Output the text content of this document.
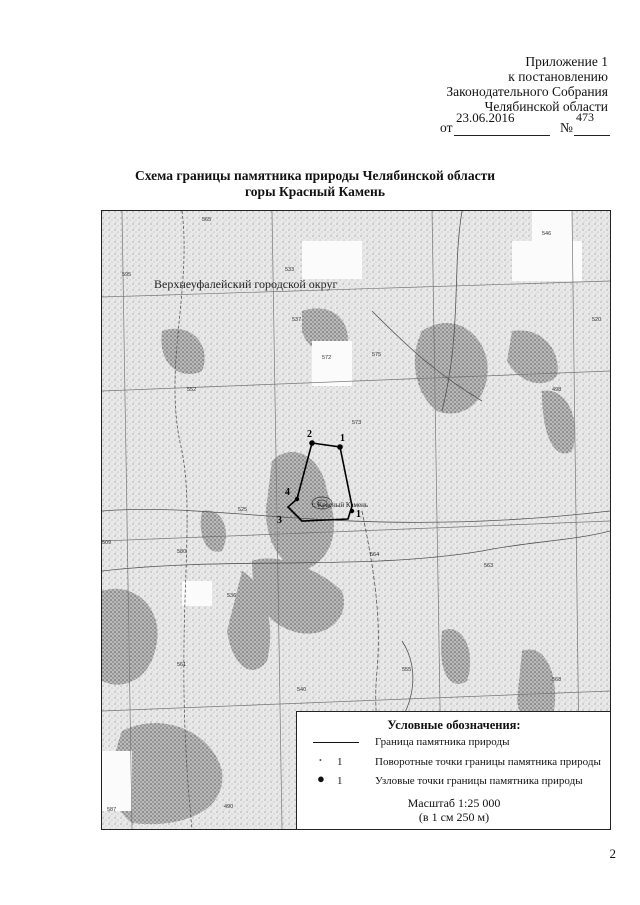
Приложение 1
к постановлению
Законодательного Собрания
Челябинской области
от
23.06.2016
№
473
Схема границы памятника природы Челябинской области
горы Красный Камень
2	1
4
3
1
565
595
533
546
537
572	575
520
552
573
525
509
580	564
536
563
561
555
568
540
490
498
587
Верхнеуфалейский городской округ
г. Красный Камень
Условные обозначения:
Граница памятника природы
• 1	Поворотные точки границы памятника природы
● 1	Узловые точки границы памятника природы
Масштаб 1:25 000
(в 1 см 250 м)
2
